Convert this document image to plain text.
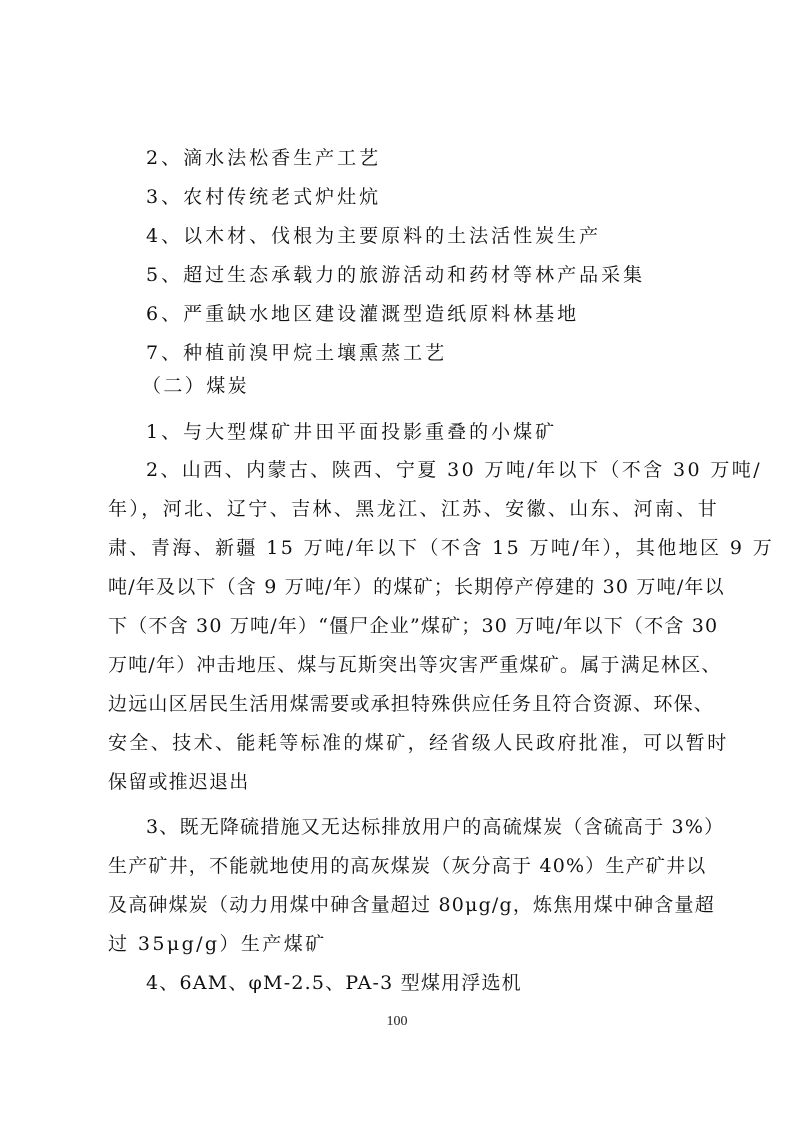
2、滴水法松香生产工艺
3、农村传统老式炉灶炕
4、以木材、伐根为主要原料的土法活性炭生产
5、超过生态承载力的旅游活动和药材等林产品采集
6、严重缺水地区建设灌溉型造纸原料林基地
7、种植前溴甲烷土壤熏蒸工艺
（二）煤炭
1、与大型煤矿井田平面投影重叠的小煤矿
2、山西、内蒙古、陕西、宁夏 30 万吨/年以下（不含 30 万吨/
年），河北、辽宁、吉林、黑龙江、江苏、安徽、山东、河南、甘
肃、青海、新疆 15 万吨/年以下（不含 15 万吨/年），其他地区 9 万
吨/年及以下（含 9 万吨/年）的煤矿；长期停产停建的 30 万吨/年以
下（不含 30 万吨/年）“僵尸企业”煤矿；30 万吨/年以下（不含 30
万吨/年）冲击地压、煤与瓦斯突出等灾害严重煤矿。属于满足林区、
边远山区居民生活用煤需要或承担特殊供应任务且符合资源、环保、
安全、技术、能耗等标准的煤矿，经省级人民政府批准，可以暂时
保留或推迟退出
3、既无降硫措施又无达标排放用户的高硫煤炭（含硫高于 3%）
生产矿井，不能就地使用的高灰煤炭（灰分高于 40%）生产矿井以
及高砷煤炭（动力用煤中砷含量超过 80μg/g，炼焦用煤中砷含量超
过 35μg/g）生产煤矿
4、6AM、φM-2.5、PA-3 型煤用浮选机
100
